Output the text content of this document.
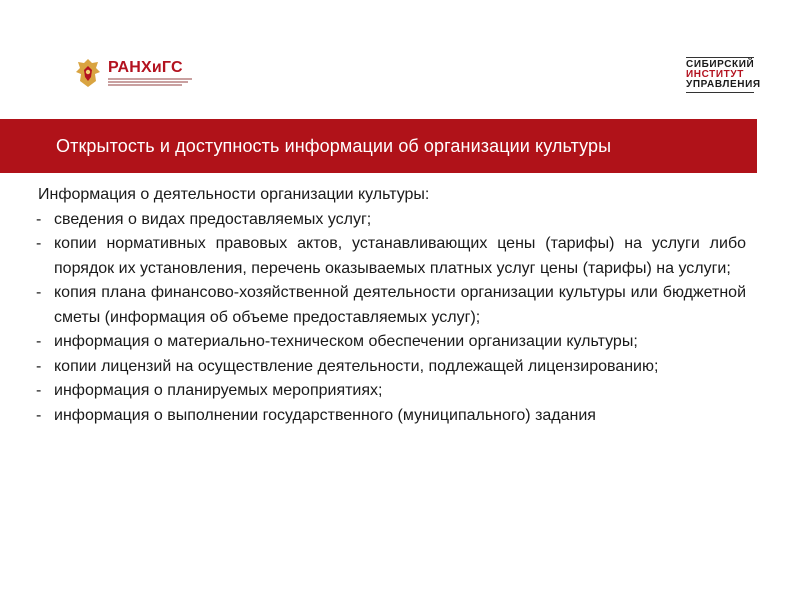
РАНХиГС	СИБИРСКИЙ
ИНСТИТУТ
УПРАВЛЕНИЯ
Открытость и доступность информации об организации культуры
Информация о деятельности организации культуры:
- сведения о видах предоставляемых услуг;
- копии нормативных правовых актов, устанавливающих цены (тарифы) на услуги либо порядок их установления, перечень оказываемых платных услуг цены (тарифы) на услуги;
- копия плана финансово-хозяйственной деятельности организации культуры или бюджетной сметы (информация об объеме предоставляемых услуг);
- информация о материально-техническом обеспечении организации культуры;
- копии лицензий на осуществление деятельности, подлежащей лицензированию;
- информация о планируемых мероприятиях;
- информация о выполнении государственного (муниципального) задания
